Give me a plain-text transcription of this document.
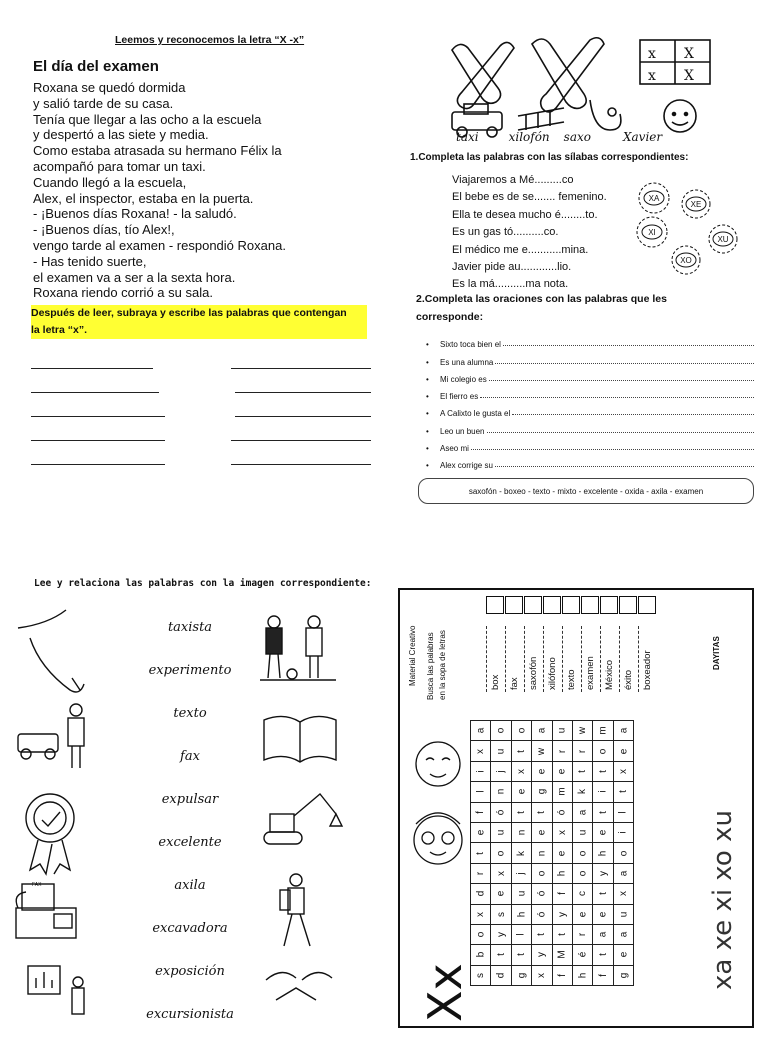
Leemos y reconocemos la letra “X -x”
El día del examen
Roxana se quedó dormida
y salió tarde de su casa.
Tenía que llegar a las ocho a la escuela
y despertó a las siete y media.
Como estaba atrasada su hermano Félix la
acompañó para tomar un taxi.
Cuando llegó a la escuela,
Alex, el inspector, estaba en la puerta.
- ¡Buenos días Roxana! - la saludó.
- ¡Buenos días, tío Alex!,
vengo tarde al examen - respondió Roxana.
- Has tenido suerte,
el examen va a ser a la sexta hora.
Roxana riendo corrió a su sala.
Después de leer, subraya y escribe las palabras que contengan
la letra “x”.
x X
x X
taxi	xilofón saxo	Xavier
1.Completa las palabras con las sílabas correspondientes:
Viajaremos a Mé.........co
El bebe es de se....... femenino.
Ella te desea mucho é........to.
Es un gas tó..........co.
El médico me e...........mina.
Javier pide au............lio.
Es la má..........ma nota.
XA
XE
XI
XU
XO
2.Completa las oraciones con las palabras que les
corresponde:
•	Sixto toca bien el
•	Es una alumna
•	Mi colegio es
•	El fierro es
•	A Calixto le gusta el
•	Leo un buen
•	Aseo mi
•	Alex corrige su
saxofón - boxeo - texto - mixto - excelente - oxida - axila - examen
Lee y relaciona las palabras con la imagen correspondiente:
taxista
experimento
texto
fax
expulsar
excelente
axila
excavadora
exposición
excursionista
FAX
Material Creativo Busca las palabras en la sopa de letras	box fax saxofón xilófono texto examen México éxito boxeador	DAYITAS
Xx
xa xe xi xo xu
a	o	o	a	u	w	m	a
x	u	t	w	r	r	o	e
i	j	x	e	e	t	t	x
l	n	e	g	m	k	i	t
f	ó	t	t	ó	a	t	l
e	u	n	e	x	u	e	i
t	o	k	n	e	o	h	o
r	x	j	o	h	o	y	a
d	e	u	ó	f	c	t	x
x	s	h	ó	y	e	e	u
o	y	l	t	t	r	a	a
b	t	t	y	M	é	t	e
s	d	g	x	f	h	f	g
